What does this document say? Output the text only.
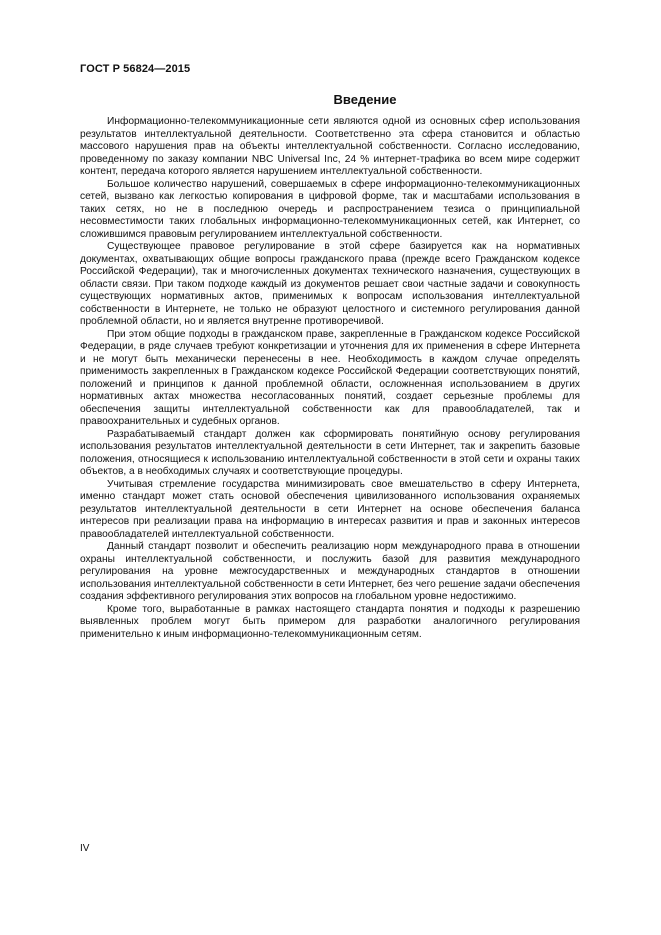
ГОСТ Р 56824—2015
Введение

Информационно-телекоммуникационные сети являются одной из основных сфер использования результатов интеллектуальной деятельности. Соответственно эта сфера становится и областью массового нарушения прав на объекты интеллектуальной собственности. Согласно исследованию, проведенному по заказу компании NBC Universal Inc, 24 % интернет-трафика во всем мире содержит контент, передача которого является нарушением интеллектуальной собственности.

Большое количество нарушений, совершаемых в сфере информационно-телекоммуникационных сетей, вызвано как легкостью копирования в цифровой форме, так и масштабами использования в таких сетях, но не в последнюю очередь и распространением тезиса о принципиальной несовместимости таких глобальных информационно-телекоммуникационных сетей, как Интернет, со сложившимся правовым регулированием интеллектуальной собственности.

Существующее правовое регулирование в этой сфере базируется как на нормативных документах, охватывающих общие вопросы гражданского права (прежде всего Гражданском кодексе Российской Федерации), так и многочисленных документах технического назначения, существующих в области связи. При таком подходе каждый из документов решает свои частные задачи и совокупность существующих нормативных актов, применимых к вопросам использования интеллектуальной собственности в Интернете, не только не образуют целостного и системного регулирования данной проблемной области, но и является внутренне противоречивой.

При этом общие подходы в гражданском праве, закрепленные в Гражданском кодексе Российской Федерации, в ряде случаев требуют конкретизации и уточнения для их применения в сфере Интернета и не могут быть механически перенесены в нее. Необходимость в каждом случае определять применимость закрепленных в Гражданском кодексе Российской Федерации соответствующих понятий, положений и принципов к данной проблемной области, осложненная использованием в других нормативных актах множества несогласованных понятий, создает серьезные проблемы для обеспечения защиты интеллектуальной собственности как для правообладателей, так и правоохранительных и судебных органов.

Разрабатываемый стандарт должен как сформировать понятийную основу регулирования использования результатов интеллектуальной деятельности в сети Интернет, так и закрепить базовые положения, относящиеся к использованию интеллектуальной собственности в этой сети и охраны таких объектов, а в необходимых случаях и соответствующие процедуры.

Учитывая стремление государства минимизировать свое вмешательство в сферу Интернета, именно стандарт может стать основой обеспечения цивилизованного использования охраняемых результатов интеллектуальной деятельности в сети Интернет на основе обеспечения баланса интересов при реализации права на информацию в интересах развития и прав и законных интересов правообладателей интеллектуальной собственности.

Данный стандарт позволит и обеспечить реализацию норм международного права в отношении охраны интеллектуальной собственности, и послужить базой для развития международного регулирования на уровне межгосударственных и международных стандартов в отношении использования интеллектуальной собственности в сети Интернет, без чего решение задачи обеспечения создания эффективного регулирования этих вопросов на глобальном уровне недостижимо.

Кроме того, выработанные в рамках настоящего стандарта понятия и подходы к разрешению выявленных проблем могут быть примером для разработки аналогичного регулирования применительно к иным информационно-телекоммуникационным сетям.

IV
